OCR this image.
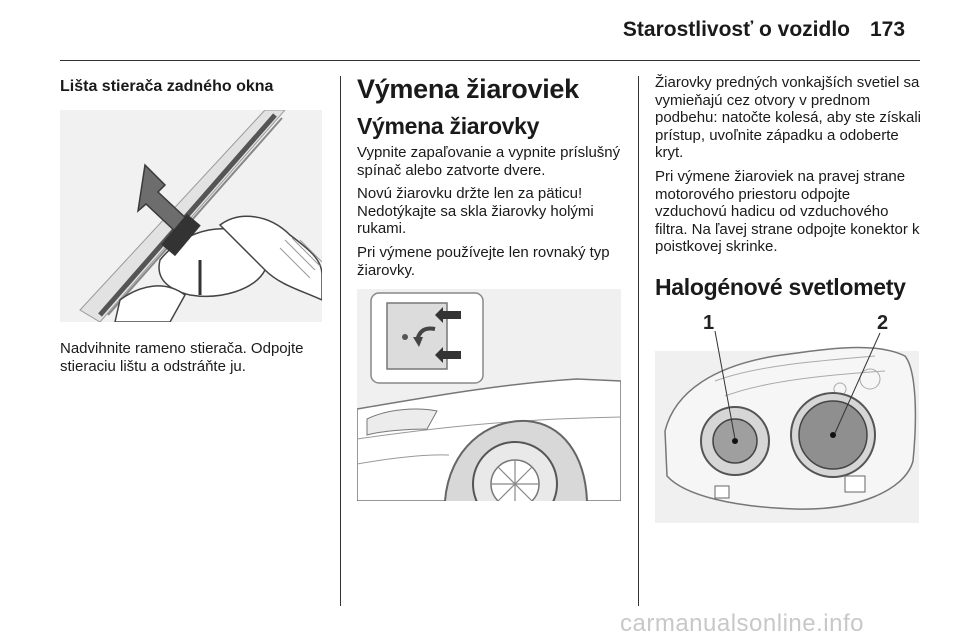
Starostlivosť o vozidlo 173
Lišta stierača zadného okna

Nadvihnite rameno stierača. Odpojte stieraciu lištu a odstráňte ju.

Výmena žiaroviek
Výmena žiarovky

Vypnite zapaľovanie a vypnite príslušný spínač alebo zatvorte dvere.

Novú žiarovku držte len za päticu! Nedotýkajte sa skla žiarovky holými rukami.

Pri výmene používejte len rovnaký typ žiarovky.

Žiarovky predných vonkajších svetiel sa vymieňajú cez otvory v prednom podbehu: natočte kolesá, aby ste získali prístup, uvoľnite západku a odoberte kryt.

Pri výmene žiaroviek na pravej strane motorového priestoru odpojte vzduchovú hadicu od vzduchového filtra. Na ľavej strane odpojte konektor k poistkovej skrinke.

Halogénové svetlomety
1	2
carmanualsonline.info
